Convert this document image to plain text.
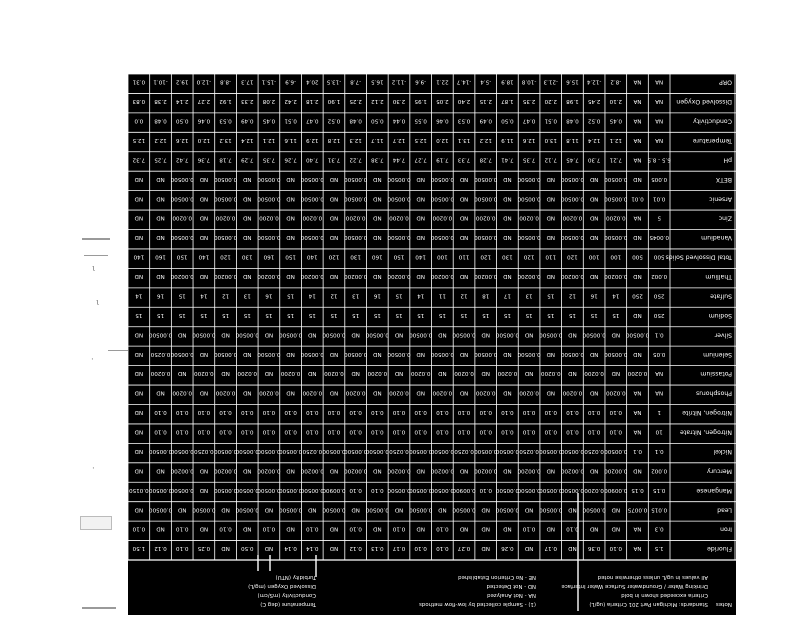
Notes
Standards: Michigan Part 201 Criteria (ug/L)
Criteria exceeded shown in bold
Drinking Water / Groundwater Surface Water Interface
All values in ug/L unless otherwise noted
(1) - Sample collected by low-flow methods
NA - Not Analyzed
ND - Not Detected
NE - No Criterion Established
Temperature (deg C)
Conductivity (mS/cm)
Dissolved Oxygen (mg/L)
Turbidity (NTU)
Fluoride
1.5
NA
0.10
0.36
ND
0.17
ND
0.26
ND
0.27
0.10
0.10
0.17
0.13
0.12
ND
0.14
0.14
ND
0.50
ND
0.25
0.10
0.12
1.50
Iron
0.3
NA
ND
ND
0.10
ND
0.10
ND
ND
ND
0.10
ND
0.10
ND
0.10
ND
0.10
ND
0.10
ND
0.10
ND
0.10
ND
0.10
Lead
0.015
0.0075
ND
0.00500
ND
0.00500
ND
0.00500
ND
0.00500
ND
0.00500
ND
0.00500
ND
0.00500
ND
0.00500
ND
0.00500
ND
0.00500
ND
0.00500
ND
Manganese
0.15
0.15
0.00900
0.0200
0.00500
0.00500
0.00500
0.00500
0.10
0.00900
0.00500
0.00500
0.00500
0.10
0.10
0.00900
0.00500
0.00500
0.00500
0.00500
0.00500
ND
0.00500
0.00500
0.0150
Mercury
0.002
ND
0.00200
ND
0.00200
ND
0.00200
ND
0.00200
ND
0.00200
ND
0.00200
ND
0.00200
ND
0.00200
ND
0.00200
ND
0.00200
ND
0.00200
ND
ND
Nickel
0.1
0.1
0.00500
0.0250
0.00500
0.00500
0.0250
0.00500
0.00500
0.0250
0.00500
0.00500
0.0250
0.00500
0.00500
0.00500
0.0250
0.00500
0.00500
0.00500
0.00500
0.0250
0.00500
0.00500
ND
Nitrogen, Nitrate
10
NA
0.10
0.10
0.10
0.10
0.10
0.10
0.10
0.10
0.10
0.10
0.10
0.10
0.10
0.10
0.10
0.10
0.10
0.10
0.10
0.10
0.10
0.10
ND
Nitrogen, Nitrite
1
NA
0.10
0.10
0.10
0.10
0.10
0.10
0.10
0.10
0.10
0.10
0.10
0.10
0.10
0.10
0.10
0.10
0.10
0.10
0.10
0.10
0.10
0.10
ND
Phosphorus
NA
NA
0.0200
ND
0.0200
ND
0.0200
ND
0.0200
ND
0.0200
ND
0.0200
ND
0.0200
ND
0.0200
ND
0.0200
ND
0.0200
ND
0.0200
ND
ND
Potassium
NA
0.0200
ND
0.0200
ND
0.0200
ND
0.0200
ND
0.0200
ND
0.0200
ND
0.0200
ND
0.0200
ND
0.0200
ND
0.0200
ND
0.0200
ND
0.0200
ND
Selenium
0.05
ND
0.00500
ND
0.00500
ND
0.00500
ND
0.00500
ND
0.00500
ND
0.00500
ND
0.00500
ND
0.00500
ND
0.00500
ND
0.00500
ND
0.00500
0.0250
ND
Silver
0.1
0.00500
ND
0.00500
ND
0.00500
ND
0.00500
ND
0.00500
ND
0.00500
ND
0.00500
ND
0.00500
ND
0.00500
ND
0.00500
ND
0.00500
ND
0.00500
ND
Sodium
250
ND
15
15
15
15
15
15
15
15
15
15
15
15
15
15
15
15
15
15
15
15
15
15
15
Sulfate
250
250
14
16
12
15
13
17
18
12
11
14
15
16
13
12
14
15
16
13
12
14
15
16
14
Thallium
0.002
ND
0.00200
ND
0.00200
ND
0.00200
ND
0.00200
ND
0.00200
ND
0.00200
ND
0.00200
ND
0.00200
ND
0.00200
ND
0.00200
ND
0.00200
ND
ND
Total Dissolved Solids
500
500
100
100
120
110
120
130
120
110
100
140
150
160
130
120
140
150
160
130
120
140
150
160
140
Vanadium
0.0045
ND
0.00500
ND
0.00500
ND
0.00500
ND
0.00500
ND
0.00500
ND
0.00500
ND
0.00500
ND
0.00500
ND
0.00500
ND
0.00500
ND
0.00500
ND
ND
Zinc
5
NA
0.0200
ND
0.0200
ND
0.0200
ND
0.0200
ND
0.0200
ND
0.0200
ND
0.0200
ND
0.0200
ND
0.0200
ND
0.0200
ND
0.0200
ND
ND
Arsenic
0.01
0.01
0.00500
ND
0.00500
ND
0.00500
ND
0.00500
ND
0.00500
ND
0.00500
ND
0.00500
ND
0.00500
ND
0.00500
ND
0.00500
ND
0.00500
ND
ND
BETX
0.005
ND
0.00500
ND
0.00500
ND
0.00500
ND
0.00500
ND
0.00500
ND
0.00500
ND
0.00500
ND
0.00500
ND
0.00500
ND
0.00500
ND
0.00500
ND
ND
pH
6.5 - 8.5
NA
7.21
7.30
7.45
7.12
7.35
7.41
7.28
7.33
7.19
7.27
7.44
7.38
7.22
7.31
7.40
7.26
7.35
7.29
7.18
7.36
7.42
7.25
7.32
Temperature
NA
NA
12.1
12.4
11.8
13.0
12.6
11.9
12.2
13.1
12.0
12.5
12.7
11.7
12.3
12.8
12.9
11.6
12.1
12.4
13.2
12.0
12.6
12.2
12.5
Conductivity
NA
NA
0.45
0.52
0.48
0.51
0.47
0.50
0.49
0.53
0.46
0.55
0.44
0.50
0.48
0.52
0.47
0.51
0.45
0.49
0.53
0.46
0.50
0.48
0.0
Dissolved Oxygen
NA
NA
2.10
2.45
1.98
2.20
2.35
1.87
2.15
2.40
2.05
1.95
2.30
2.12
2.25
1.90
2.18
2.42
2.08
2.33
1.92
2.27
2.14
2.38
0.83
ORP
NA
NA
-8.2
-12.4
15.6
-21.3
-10.8
18.9
-5.4
-14.7
22.1
-9.6
-11.2
16.5
-7.8
-13.5
20.4
-6.9
-15.1
17.3
-8.8
-12.0
19.2
-10.1
0.31
ι
ι
·
·
